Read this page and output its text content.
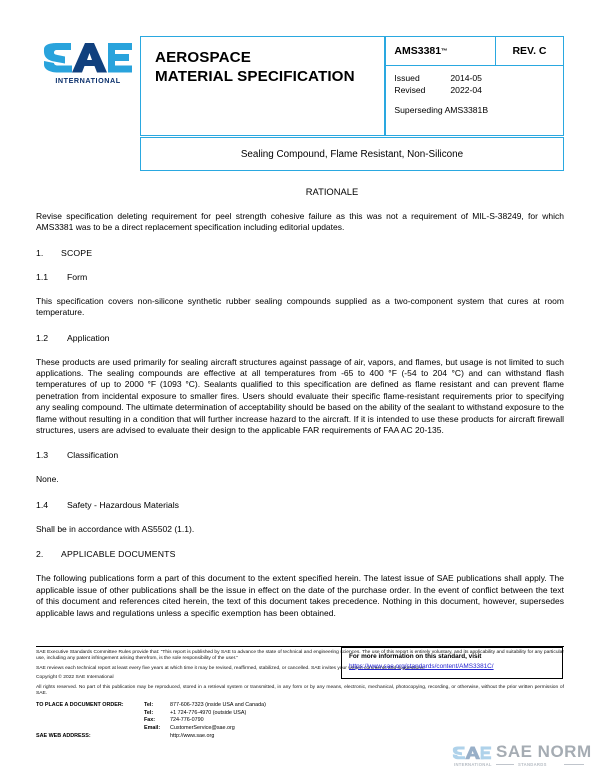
INTERNATIONAL
AEROSPACE
MATERIAL SPECIFICATION
AMS3381 ™	REV. C
Issued	2014-05
Revised	2022-04
Superseding AMS3381B
Sealing Compound, Flame Resistant, Non-Silicone
RATIONALE

Revise specification deleting requirement for peel strength cohesive failure as this was not a requirement of MIL-S-38249, for which AMS3381 was to be a direct replacement specification including editorial updates.

1.	SCOPE
1.1	Form

This specification covers non-silicone synthetic rubber sealing compounds supplied as a two-component system that cures at room temperature.

1.2	Application

These products are used primarily for sealing aircraft structures against passage of air, vapors, and flames, but usage is not limited to such applications. The sealing compounds are effective at all temperatures from -65 to 400 °F (-54 to 204 °C) and can withstand flash temperatures of up to 2000 °F (1093 °C). Sealants qualified to this specification are defined as flame resistant and can prevent flame penetration from incidental exposure to smaller fires. Users should evaluate their specific flame-resistant requirements prior to specifying any sealing compound. The ultimate determination of acceptability should be based on the ability of the sealant to withstand exposure to the flame without resulting in a condition that will further increase hazard to the aircraft. If it is intended to use these products for aircraft firewall structures, users are advised to evaluate their design to the applicable FAR requirements of FAA AC 20-135.

1.3	Classification

None.

1.4	Safety - Hazardous Materials

Shall be in accordance with AS5502 (1.1).

2.	APPLICABLE DOCUMENTS

The following publications form a part of this document to the extent specified herein. The latest issue of SAE publications shall apply. The applicable issue of other publications shall be the issue in effect on the date of the purchase order. In the event of conflict between the text of this document and references cited herein, the text of this document takes precedence. Nothing in this document, however, supersedes applicable laws and regulations unless a specific exemption has been obtained.

SAE Executive Standards Committee Rules provide that: “This report is published by SAE to advance the state of technical and engineering sciences. The use of this report is entirely voluntary, and its applicability and suitability for any particular use, including any patent infringement arising therefrom, is the sole responsibility of the user.”

SAE reviews each technical report at least every five years at which time it may be revised, reaffirmed, stabilized, or cancelled. SAE invites your written comments and suggestions.

Copyright © 2022 SAE International

All rights reserved. No part of this publication may be reproduced, stored in a retrieval system or transmitted, in any form or by any means, electronic, mechanical, photocopying, recording, or otherwise, without the prior written permission of SAE.

TO PLACE A DOCUMENT ORDER:	Tel:	877-606-7323 (inside USA and Canada)
Tel:	+1 724-776-4970 (outside USA)
Fax:	724-776-0790
Email:	CustomerService@sae.org
SAE WEB ADDRESS:	http://www.sae.org
For more information on this standard, visit
https://www.sae.org/standards/content/AMS3381C/
SAE NORM
INTERNATIONAL	STANDARDS
